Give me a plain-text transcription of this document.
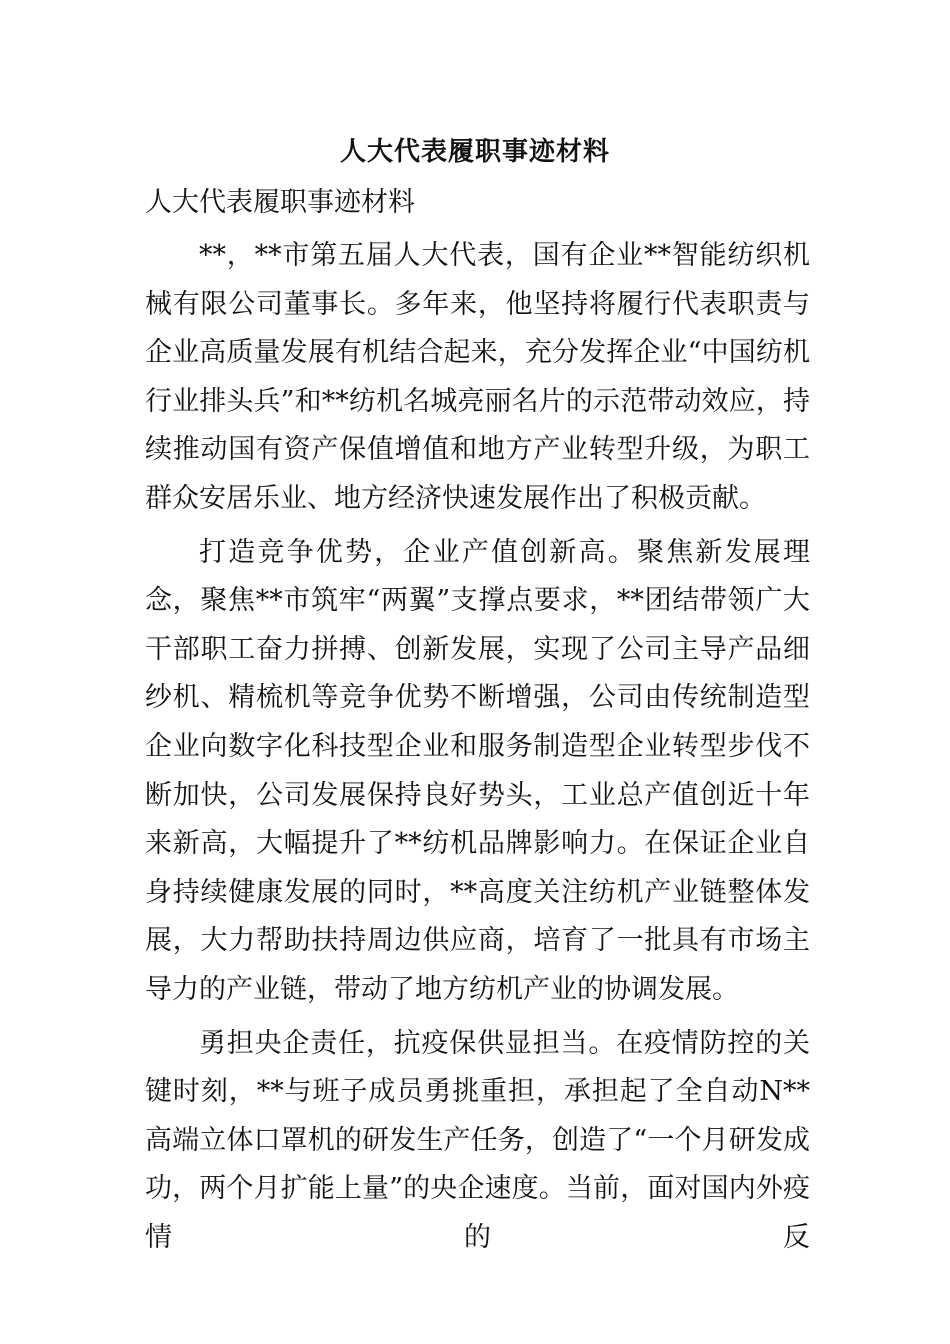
人大代表履职事迹材料

人大代表履职事迹材料

**，**市第五届人大代表，国有企业**智能纺织机械有限公司董事长。多年来，他坚持将履行代表职责与企业高质量发展有机结合起来，充分发挥企业“中国纺机行业排头兵”和**纺机名城亮丽名片的示范带动效应，持续推动国有资产保值增值和地方产业转型升级，为职工群众安居乐业、地方经济快速发展作出了积极贡献。

打造竞争优势，企业产值创新高。聚焦新发展理念，聚焦**市筑牢“两翼”支撑点要求，**团结带领广大干部职工奋力拼搏、创新发展，实现了公司主导产品细纱机、精梳机等竞争优势不断增强，公司由传统制造型企业向数字化科技型企业和服务制造型企业转型步伐不断加快，公司发展保持良好势头，工业总产值创近十年来新高，大幅提升了**纺机品牌影响力。在保证企业自身持续健康发展的同时，**高度关注纺机产业链整体发展，大力帮助扶持周边供应商，培育了一批具有市场主导力的产业链，带动了地方纺机产业的协调发展。

勇担央企责任，抗疫保供显担当。在疫情防控的关键时刻，**与班子成员勇挑重担，承担起了全自动N**高端立体口罩机的研发生产任务，创造了“一个月研发成功，两个月扩能上量”的央企速度。当前，面对国内外疫情的反
